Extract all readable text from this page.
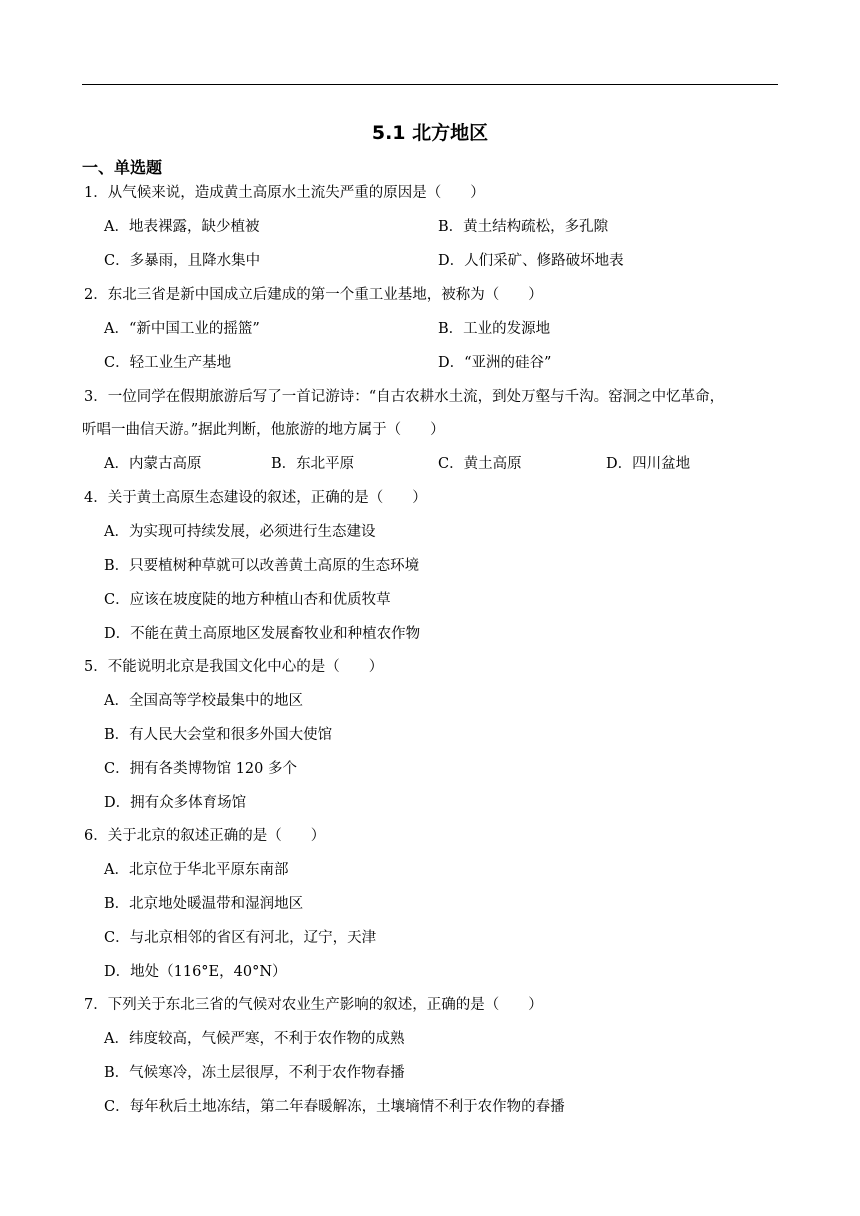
5.1 北方地区
一、单选题
1．从气候来说，造成黄土高原水土流失严重的原因是（　　）
A．地表裸露，缺少植被	B．黄土结构疏松，多孔隙
C．多暴雨，且降水集中	D．人们采矿、修路破坏地表
2．东北三省是新中国成立后建成的第一个重工业基地，被称为（　　）
A．“新中国工业的摇篮”	B．工业的发源地
C．轻工业生产基地	D．“亚洲的硅谷”
3．一位同学在假期旅游后写了一首记游诗：“自古农耕水土流，到处万壑与千沟。窑洞之中忆革命，
听唱一曲信天游。”据此判断，他旅游的地方属于（　　）
A．内蒙古高原	B．东北平原	C．黄土高原	D．四川盆地
4．关于黄土高原生态建设的叙述，正确的是（　　）
A．为实现可持续发展，必须进行生态建设
B．只要植树种草就可以改善黄土高原的生态环境
C．应该在坡度陡的地方种植山杏和优质牧草
D．不能在黄土高原地区发展畜牧业和种植农作物
5．不能说明北京是我国文化中心的是（　　）
A．全国高等学校最集中的地区
B．有人民大会堂和很多外国大使馆
C．拥有各类博物馆 120 多个
D．拥有众多体育场馆
6．关于北京的叙述正确的是（　　）
A．北京位于华北平原东南部
B．北京地处暖温带和湿润地区
C．与北京相邻的省区有河北，辽宁，天津
D．地处（116°E，40°N）
7．下列关于东北三省的气候对农业生产影响的叙述，正确的是（　　）
A．纬度较高，气候严寒，不利于农作物的成熟
B．气候寒冷，冻土层很厚，不利于农作物春播
C．每年秋后土地冻结，第二年春暖解冻，土壤墒情不利于农作物的春播
